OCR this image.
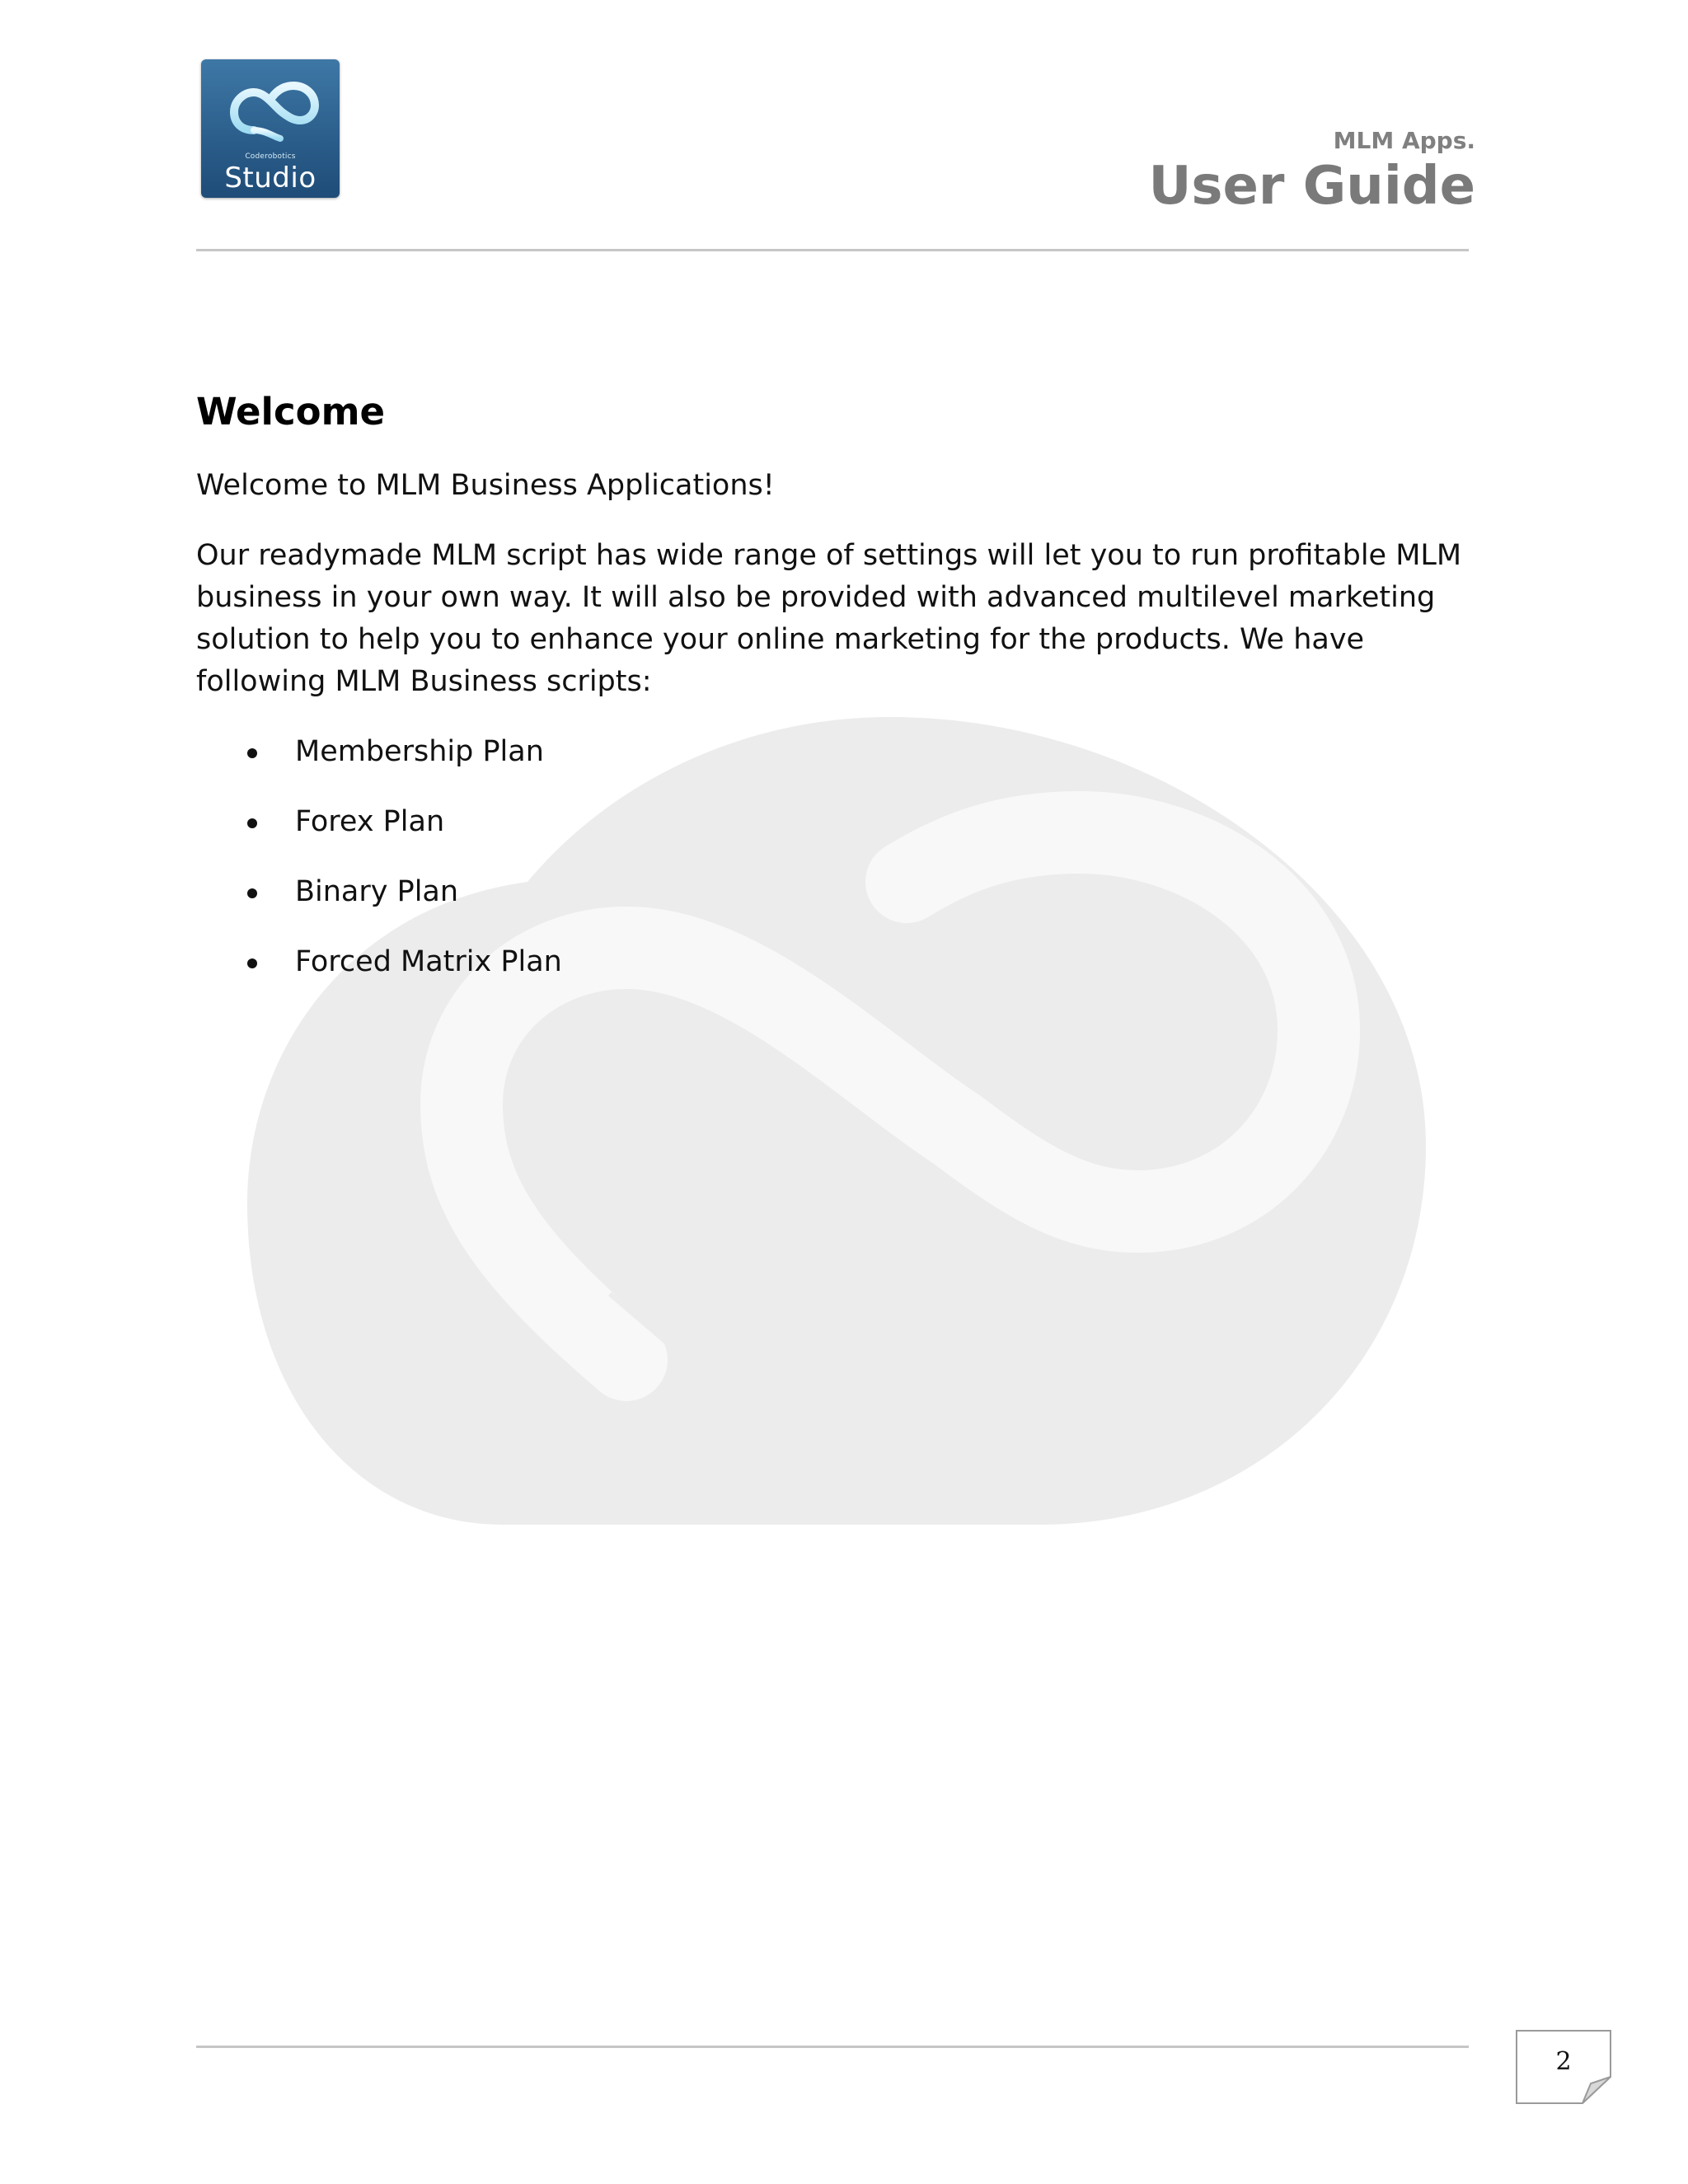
Coderobotics
Studio
MLM Apps.
User Guide
Welcome

Welcome to MLM Business Applications!

Our readymade MLM script has wide range of settings will let you to run profitable MLM business in your own way. It will also be provided with advanced multilevel marketing solution to help you to enhance your online marketing for the products. We have following MLM Business scripts:

Membership Plan
Forex Plan
Binary Plan
Forced Matrix Plan
2
